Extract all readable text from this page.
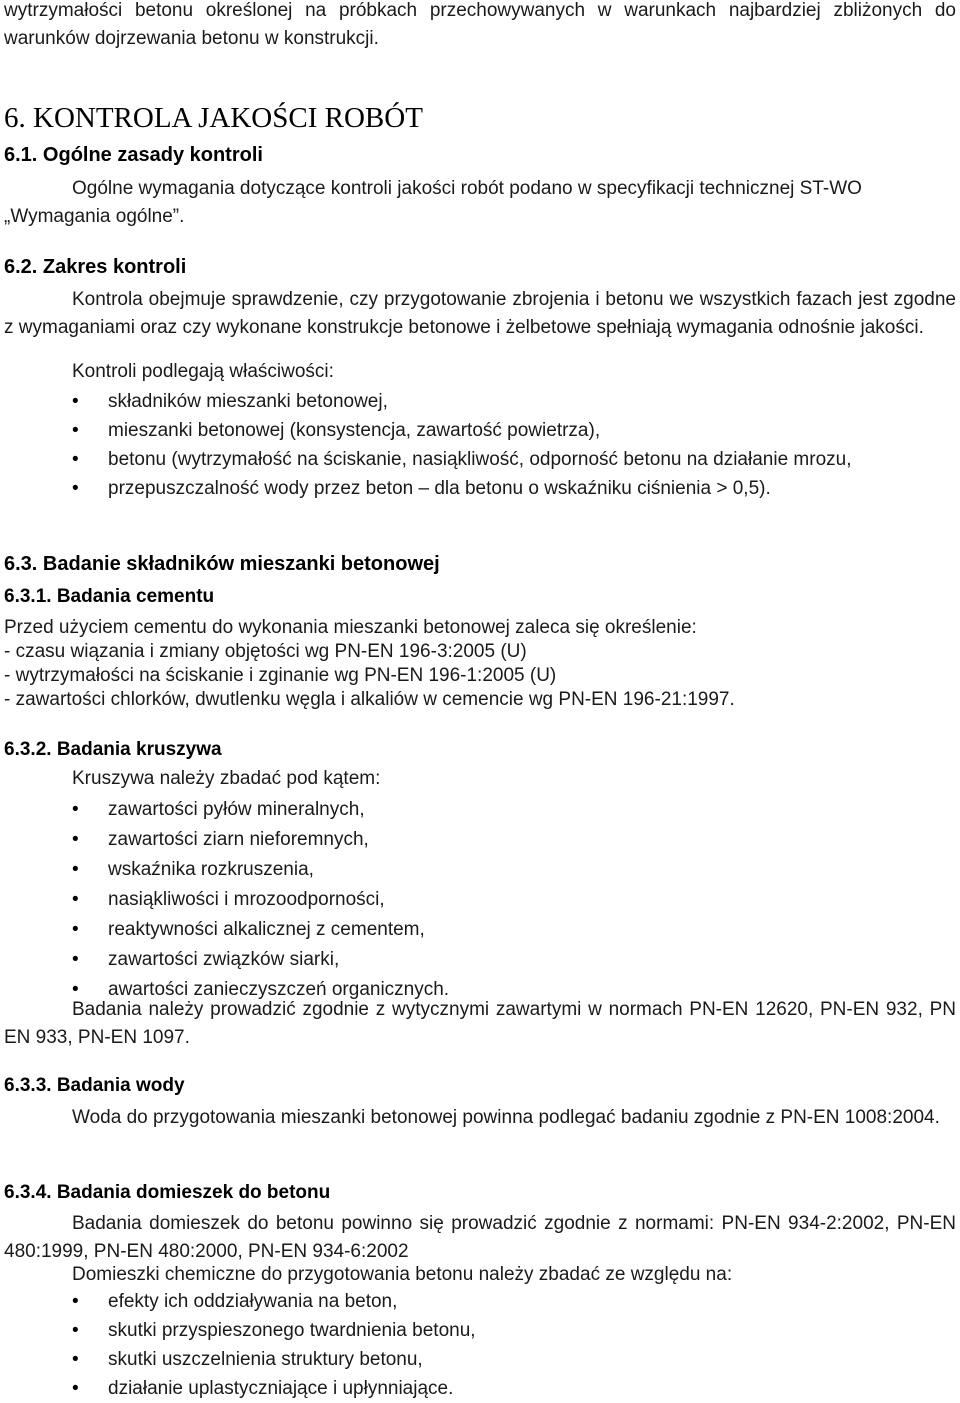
wytrzymałości betonu określonej na próbkach przechowywanych w warunkach najbardziej zbliżonych do warunków dojrzewania betonu w konstrukcji.

6. KONTROLA JAKOŚCI ROBÓT
6.1. Ogólne zasady kontroli

Ogólne wymagania dotyczące kontroli jakości robót podano w specyfikacji technicznej ST-WO „Wymagania ogólne”.

6.2. Zakres kontroli

Kontrola obejmuje sprawdzenie, czy przygotowanie zbrojenia i betonu we wszystkich fazach jest zgodne z wymaganiami oraz czy wykonane konstrukcje betonowe i żelbetowe spełniają wymagania odnośnie jakości.

Kontroli podlegają właściwości:

• składników mieszanki betonowej,
• mieszanki betonowej (konsystencja, zawartość powietrza),
• betonu (wytrzymałość na ściskanie, nasiąkliwość, odporność betonu na działanie mrozu,
• przepuszczalność wody przez beton – dla betonu o wskaźniku ciśnienia > 0,5).
6.3. Badanie składników mieszanki betonowej
6.3.1. Badania cementu

Przed użyciem cementu do wykonania mieszanki betonowej zaleca się określenie:

- czasu wiązania i zmiany objętości wg PN-EN 196-3:2005 (U)

- wytrzymałości na ściskanie i zginanie wg PN-EN 196-1:2005 (U)

- zawartości chlorków, dwutlenku węgla i alkaliów w cemencie wg PN-EN 196-21:1997.

6.3.2. Badania kruszywa

Kruszywa należy zbadać pod kątem:

• zawartości pyłów mineralnych,
• zawartości ziarn nieforemnych,
• wskaźnika rozkruszenia,
• nasiąkliwości i mrozoodporności,
• reaktywności alkalicznej z cementem,
• zawartości związków siarki,
• awartości zanieczyszczeń organicznych.

Badania należy prowadzić zgodnie z wytycznymi zawartymi w normach PN-EN 12620, PN-EN 932, PN EN 933, PN-EN 1097.

6.3.3. Badania wody

Woda do przygotowania mieszanki betonowej powinna podlegać badaniu zgodnie z PN-EN 1008:2004.

6.3.4. Badania domieszek do betonu

Badania domieszek do betonu powinno się prowadzić zgodnie z normami: PN-EN 934-2:2002, PN-EN 480:1999, PN-EN 480:2000, PN-EN 934-6:2002

Domieszki chemiczne do przygotowania betonu należy zbadać ze względu na:

• efekty ich oddziaływania na beton,
• skutki przyspieszonego twardnienia betonu,
• skutki uszczelnienia struktury betonu,
• działanie uplastyczniające i upłynniające.
